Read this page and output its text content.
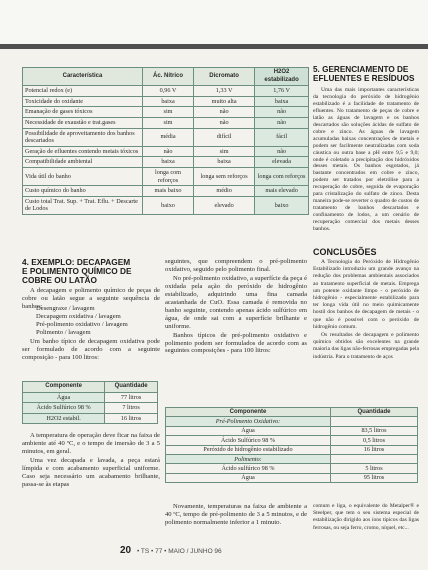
Característica	Ác. Nítrico	Dicromato	H2O2 estabilizado
Potencial redox (e)	0,96 V	1,33 V	1,76 V
Toxicidade do oxidante	baixa	muito alta	baixa
Emanação de gases tóxicos	sim	não	não
Necessidade de exaustão e trat.gases	sim	não	não
Possibilidade de aproveitamento dos banhos descartados	média	difícil	fácil
Geração de efluentes contendo metais tóxicos	não	sim	não
Compatibilidade ambiental	baixa	baixa	elevada
Vida útil do banho	longa com reforços	longa sem reforços	longa com reforços
Custo químico do banho	mais baixo	médio	mais elevado
Custo total Trat. Sup. + Trat. Eflu. + Descarte de Lodos	baixo	elevado	baixo
4. EXEMPLO: DECAPAGEM
E POLIMENTO QUÍMICO DE
COBRE OU LATÃO

A decapagem e polimento químico de peças de cobre ou latão segue a seguinte sequência de banhos:

Desengraxe / lavagem
Decapagem oxidativa / lavagem
Pré-polimento oxidativo / lavagem
Polimento / lavagem

Um banho típico de decapagem oxidativa pode ser formulado de acordo com a seguinte composição - para 100 litros:

Componente	Quantidade
Água	77 litros
Ácido Sulfúrico 98 %	7 litros
H2O2 estabil.	16 litros

A temperatura de operação deve ficar na faixa de ambiente até 40 ºC, e o tempo de imersão de 3 a 5 minutos, em geral.

Uma vez decapada e lavada, a peça estará límpida e com acabamento superficial uniforme. Caso seja necessário um acabamento brilhante, passa-se às etapas

seguintes, que compreendem o pré-polimento oxidativo, seguido pelo polimento final.

No pré-polimento oxidativo, a superfície da peça é oxidada pela ação do peróxido de hidrogênio estabilizado, adquirindo uma fina camada acastanhada de CuO. Essa camada é removida no banho seguinte, contendo apenas ácido sulfúrico em água, de onde sai com a superfície brilhante e uniforme.

Banhos típicos de pré-polimento oxidativo e polimento podem ser formulados de acordo com as seguintes composições - para 100 litros:

5. GERENCIAMENTO DE
EFLUENTES E RESÍDUOS

Uma das mais importantes características da tecnologia do peróxido de hidrogênio estabilizado é a facilidade de tratamento de efluentes. No tratamento de peças de cobre e latão as águas de lavagem e os banhos descartados são soluções ácidas de sulfato de cobre e zinco. As águas de lavagem acumuladas baixas concentrações de metais e podem ser facilmente neutralizadas com soda cáustica ou outra base a pH entre 9,5 e 9,0; onde é coletado a precipitação dos hidróxidos desses metais. Os banhos esgotados, já bastante concentrados em cobre e zinco, podem ser tratados por eletrólise para a recuperação de cobre, seguida de evaporação para cristalização do sulfato de zinco. Desta maneira pode-se reverter o quadro de custos de tratamento de banhos descartados e confinamento de lodos, a um cenário de recuperação comercial dos metais desses banhos.

CONCLUSÕES

A Tecnologia do Peróxido de Hidrogênio Estabilizado introduziu um grande avanço na redução dos problemas ambientais associados ao tratamento superficial de metais. Emprega um potente oxidante limpo - o peróxido de hidrogênio - especialmente estabilizado para ter longa vida útil no meio quimicamente hostil dos banhos de decapagem de metais - o que não é possível com o peróxido de hidrogênio comum.

Os resultados de decapagem e polimento químico obtidos são excelentes na grande maioria das ligas não-ferrosas empregadas pela indústria. Para o tratamento de aços

Componente	Quantidade
Pré-Polimento Oxidativo:	
Água	83,5 litros
Ácido Sulfúrico 98 %	0,5 litros
Peróxido de hidrogênio estabilizado	16 litros
Polimento:	
Ácido sulfúrico 98 %	5 litros
Água	95 litros

Novamente, temperaturas na faixa de ambiente a 40 ºC, tempo de pré-polimento de 3 a 5 minutos, e de polimento normalmente inferior a 1 minuto.

comum e liga, o equivalente do Metalper® e Steelper, que tem o seu sistema especial de estabilização dirigido aos íons típicos das ligas ferrosas, ou seja ferro, cromo, níquel, etc...

20 • TS • 77 • MAIO / JUNHO 96
